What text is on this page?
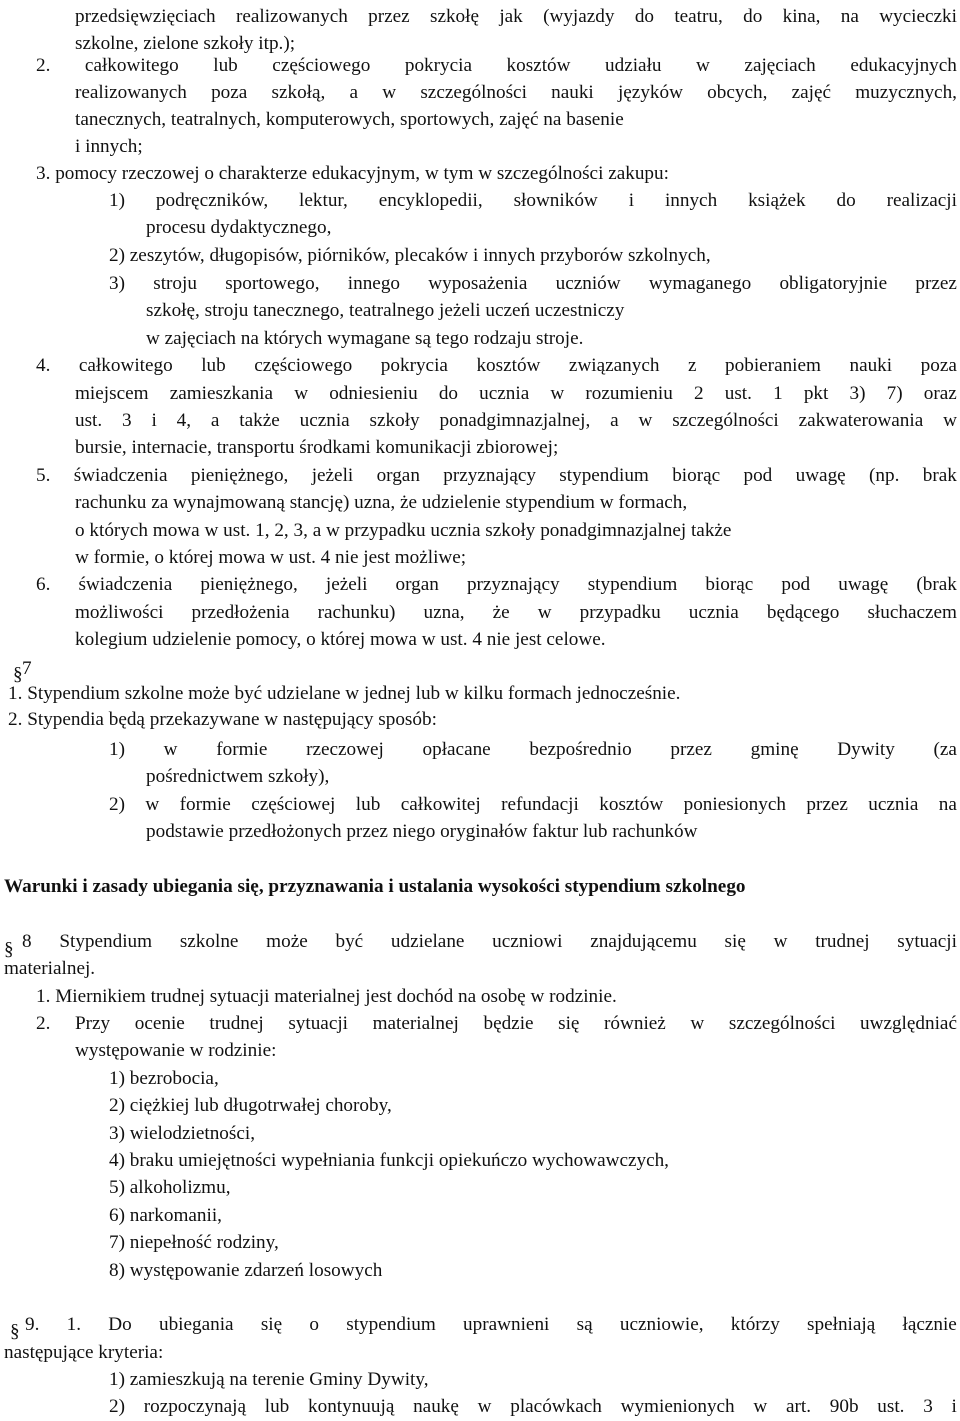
przedsięwzięciach realizowanych przez szkołę jak (wyjazdy do teatru, do kina, na wycieczki
szkolne, zielone szkoły itp.);
2. całkowitego lub częściowego pokrycia kosztów udziału w zajęciach edukacyjnych
realizowanych poza szkołą, a w szczególności nauki języków obcych, zajęć muzycznych,
tanecznych, teatralnych, komputerowych, sportowych, zajęć na basenie
i innych;
3. pomocy rzeczowej o charakterze edukacyjnym, w tym w szczególności zakupu:
1) podręczników, lektur, encyklopedii, słowników i innych książek do realizacji
procesu dydaktycznego,
2) zeszytów, długopisów, piórników, plecaków i innych przyborów szkolnych,
3) stroju sportowego, innego wyposażenia uczniów wymaganego obligatoryjnie przez
szkołę, stroju tanecznego, teatralnego jeżeli uczeń uczestniczy
w zajęciach na których wymagane są tego rodzaju stroje.
4. całkowitego lub częściowego pokrycia kosztów związanych z pobieraniem nauki poza
miejscem zamieszkania w odniesieniu do ucznia w rozumieniu 2 ust. 1 pkt 3) 7) oraz
ust. 3 i 4, a także ucznia szkoły ponadgimnazjalnej, a w szczególności zakwaterowania w
bursie, internacie, transportu środkami komunikacji zbiorowej;
5. świadczenia pieniężnego, jeżeli organ przyznający stypendium biorąc pod uwagę (np. brak
rachunku za wynajmowaną stancję) uzna, że udzielenie stypendium w formach,
o których mowa w ust. 1, 2, 3, a w przypadku ucznia szkoły ponadgimnazjalnej także
w formie, o której mowa w ust. 4 nie jest możliwe;
6. świadczenia pieniężnego, jeżeli organ przyznający stypendium biorąc pod uwagę (brak
możliwości przedłożenia rachunku) uzna, że w przypadku ucznia będącego słuchaczem
kolegium udzielenie pomocy, o której mowa w ust. 4 nie jest celowe.
7
1. Stypendium szkolne może być udzielane w jednej lub w kilku formach jednocześnie.
2. Stypendia będą przekazywane w następujący sposób:
1) w formie rzeczowej opłacane bezpośrednio przez gminę Dywity (za
pośrednictwem szkoły),
2) w formie częściowej lub całkowitej refundacji kosztów poniesionych przez ucznia na
podstawie przedłożonych przez niego oryginałów faktur lub rachunków
Warunki i zasady ubiegania się, przyznawania i ustalania wysokości stypendium szkolnego
8 Stypendium szkolne może być udzielane uczniowi znajdującemu się w trudnej sytuacji
materialnej.
1. Miernikiem trudnej sytuacji materialnej jest dochód na osobę w rodzinie.
2. Przy ocenie trudnej sytuacji materialnej będzie się również w szczególności uwzględniać
występowanie w rodzinie:
1) bezrobocia,
2) ciężkiej lub długotrwałej choroby,
3) wielodzietności,
4) braku umiejętności wypełniania funkcji opiekuńczo wychowawczych,
5) alkoholizmu,
6) narkomanii,
7) niepełność rodziny,
8) występowanie zdarzeń losowych
9. 1. Do ubiegania się o stypendium uprawnieni są uczniowie, którzy spełniają łącznie
następujące kryteria:
1) zamieszkują na terenie Gminy Dywity,
2) rozpoczynają lub kontynuują naukę w placówkach wymienionych w art. 90b ust. 3 i
§
§
§
